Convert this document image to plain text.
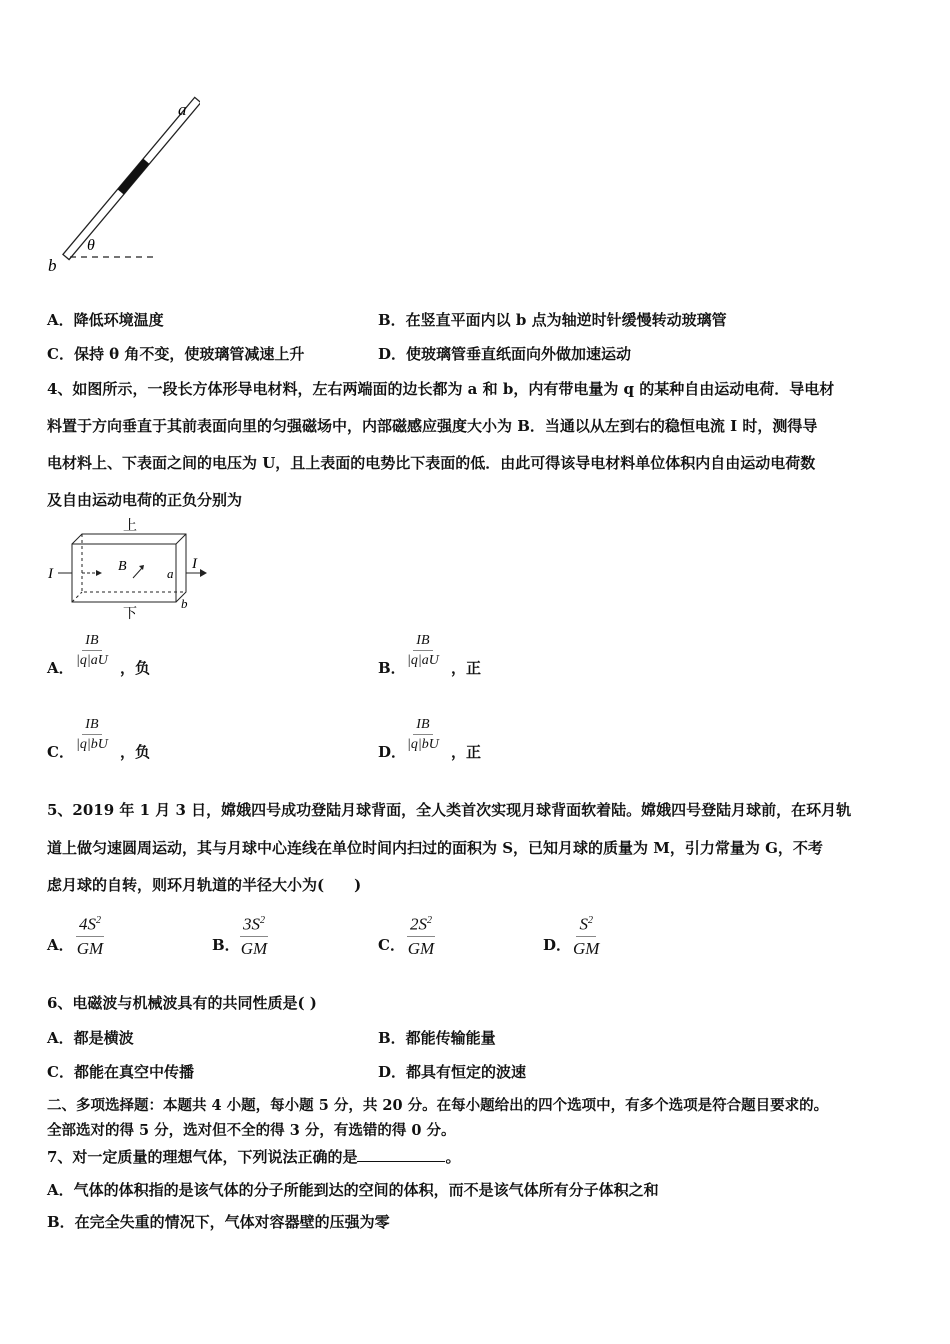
a
b
θ
A．降低环境温度	B．在竖直平面内以 b 点为轴逆时针缓慢转动玻璃管
C．保持 θ 角不变，使玻璃管减速上升	D．使玻璃管垂直纸面向外做加速运动
4、如图所示，一段长方体形导电材料，左右两端面的边长都为 a 和 b，内有带电量为 q 的某种自由运动电荷．导电材
料置于方向垂直于其前表面向里的匀强磁场中，内部磁感应强度大小为 B．当通以从左到右的稳恒电流 I 时，测得导
电材料上、下表面之间的电压为 U，且上表面的电势比下表面的低．由此可得该导电材料单位体积内自由运动电荷数
及自由运动电荷的正负分别为
上
下
I
I
B	a
b
A． $\frac{IB}{|q|aU}$ ，负	B． $\frac{IB}{|q|aU}$ ，正
C． $\frac{IB}{|q|bU}$ ，负	D． $\frac{IB}{|q|bU}$ ，正
5、2019 年 1 月 3 日，嫦娥四号成功登陆月球背面，全人类首次实现月球背面软着陆。嫦娥四号登陆月球前，在环月轨
道上做匀速圆周运动，其与月球中心连线在单位时间内扫过的面积为 S，已知月球的质量为 M，引力常量为 G，不考
虑月球的自转，则环月轨道的半径大小为(　　)
A． $\frac{4S^2}{GM}$	B． $\frac{3S^2}{GM}$	C． $\frac{2S^2}{GM}$	D． $\frac{S^2}{GM}$
6、电磁波与机械波具有的共同性质是( )
A．都是横波	B．都能传输能量
C．都能在真空中传播	D．都具有恒定的波速
二、多项选择题：本题共 4 小题，每小题 5 分，共 20 分。在每小题给出的四个选项中，有多个选项是符合题目要求的。
全部选对的得 5 分，选对但不全的得 3 分，有选错的得 0 分。
7、对一定质量的理想气体，下列说法正确的是	。
A．气体的体积指的是该气体的分子所能到达的空间的体积，而不是该气体所有分子体积之和
B．在完全失重的情况下，气体对容器壁的压强为零
